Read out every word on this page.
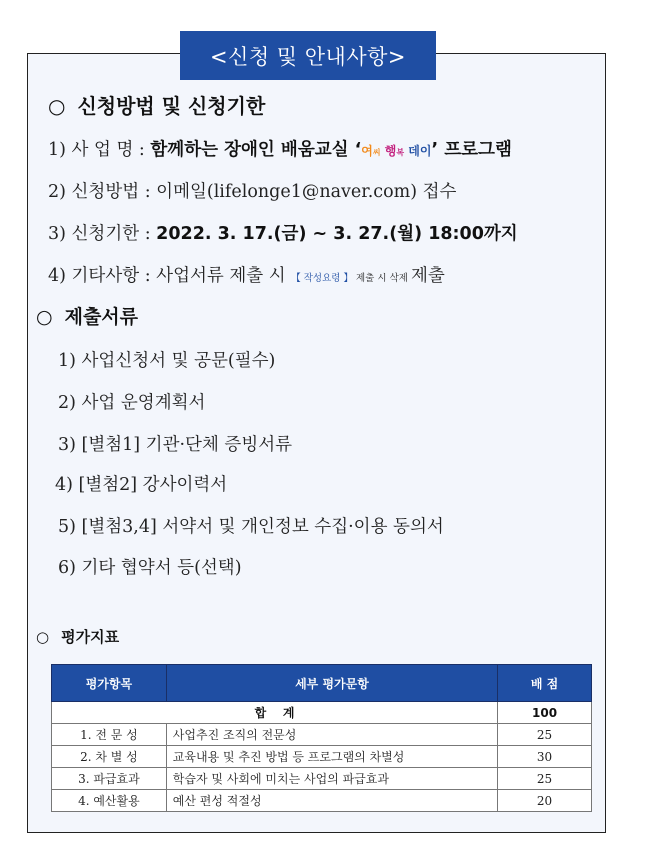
<신청 및 안내사항>
○ 신청방법 및 신청기한
1) 사 업 명 : 함께하는 장애인 배움교실 ‘여씨 행복 데이’ 프로그램
2) 신청방법 : 이메일(lifelonge1@naver.com) 접수
3) 신청기한 : 2022. 3. 17.(금) ~ 3. 27.(월) 18:00까지
4) 기타사항 : 사업서류 제출 시 【 작성요령 】 제출 시 삭제 제출
○ 제출서류
1) 사업신청서 및 공문(필수)
2) 사업 운영계획서
3) [별첨1] 기관·단체 증빙서류
4) [별첨2] 강사이력서
5) [별첨3,4] 서약서 및 개인정보 수집·이용 동의서
6) 기타 협약서 등(선택)
○ 평가지표
평가항목	세부 평가문항	배 점
합    계		100
1. 전 문 성	사업추진 조직의 전문성	25
2. 차 별 성	교육내용 및 추진 방법 등 프로그램의 차별성	30
3. 파급효과	학습자 및 사회에 미치는 사업의 파급효과	25
4. 예산활용	예산 편성 적절성	20
